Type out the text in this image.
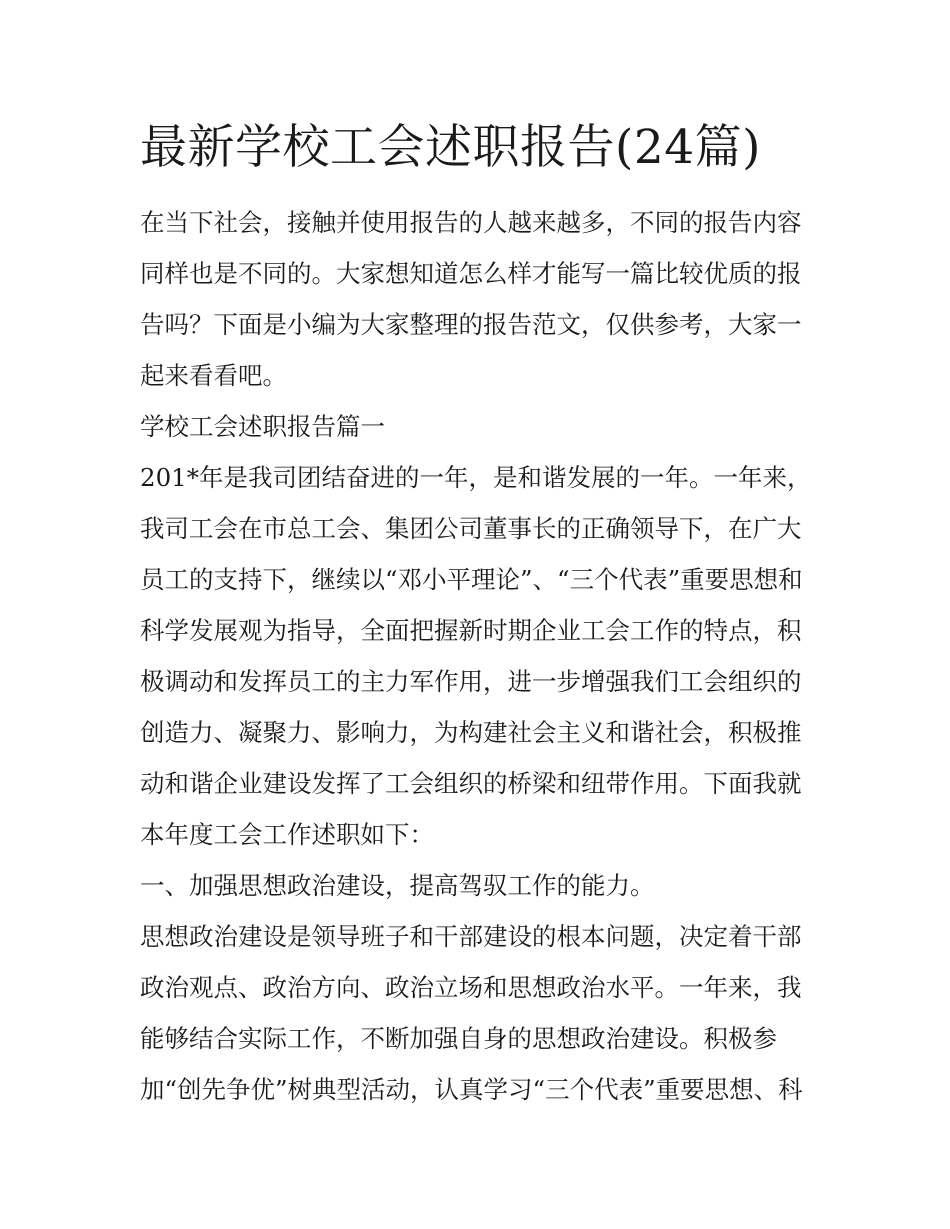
最新学校工会述职报告(24篇)
在当下社会，接触并使用报告的人越来越多，不同的报告内容
同样也是不同的。大家想知道怎么样才能写一篇比较优质的报
告吗？下面是小编为大家整理的报告范文，仅供参考，大家一
起来看看吧。
学校工会述职报告篇一
201*年是我司团结奋进的一年，是和谐发展的一年。一年来，
我司工会在市总工会、集团公司董事长的正确领导下，在广大
员工的支持下，继续以“邓小平理论”、“三个代表”重要思想和
科学发展观为指导，全面把握新时期企业工会工作的特点，积
极调动和发挥员工的主力军作用，进一步增强我们工会组织的
创造力、凝聚力、影响力，为构建社会主义和谐社会，积极推
动和谐企业建设发挥了工会组织的桥梁和纽带作用。下面我就
本年度工会工作述职如下：
一、加强思想政治建设，提高驾驭工作的能力。
思想政治建设是领导班子和干部建设的根本问题，决定着干部
政治观点、政治方向、政治立场和思想政治水平。一年来，我
能够结合实际工作，不断加强自身的思想政治建设。积极参
加“创先争优”树典型活动，认真学习“三个代表”重要思想、科
